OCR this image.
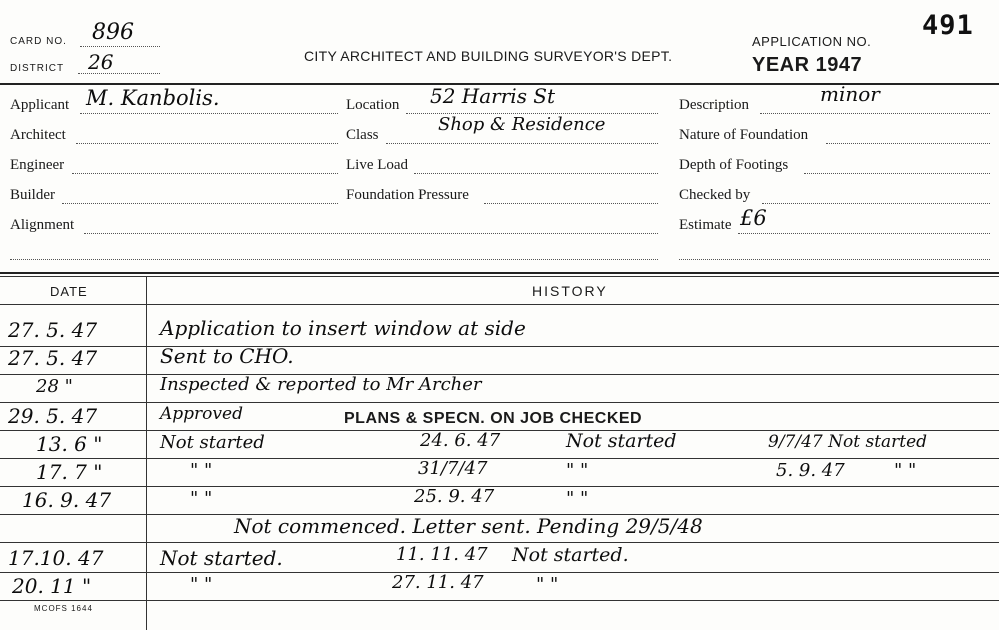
CARD NO. 896
DISTRICT 26	CITY ARCHITECT AND BUILDING SURVEYOR'S DEPT.
APPLICATION NO.
491
YEAR 1947
Applicant M. Kanbolis.
Architect
Engineer
Builder
Alignment
Location 52 Harris St
Class	Shop & Residence
Live Load
Foundation Pressure
Description	minor
Nature of Foundation
Depth of Footings
Checked by
Estimate £6
DATE	HISTORY
27. 5. 47	Application to insert window at side
27. 5. 47	Sent to CHO.
28 "	Inspected & reported to Mr Archer
29. 5. 47	Approved	PLANS & SPECN. ON JOB CHECKED
13. 6 "	Not started	24. 6. 47	Not started	9/7/47 Not started
17. 7 "	" "	31/7/47	" "	5. 9. 47	" "
16. 9. 47	" "	25. 9. 47	" "
Not commenced. Letter sent. Pending 29/5/48
17.10. 47	Not started.	11. 11. 47 Not started.
20. 11 "	" "	27. 11. 47	" "
MCOFS 1644
